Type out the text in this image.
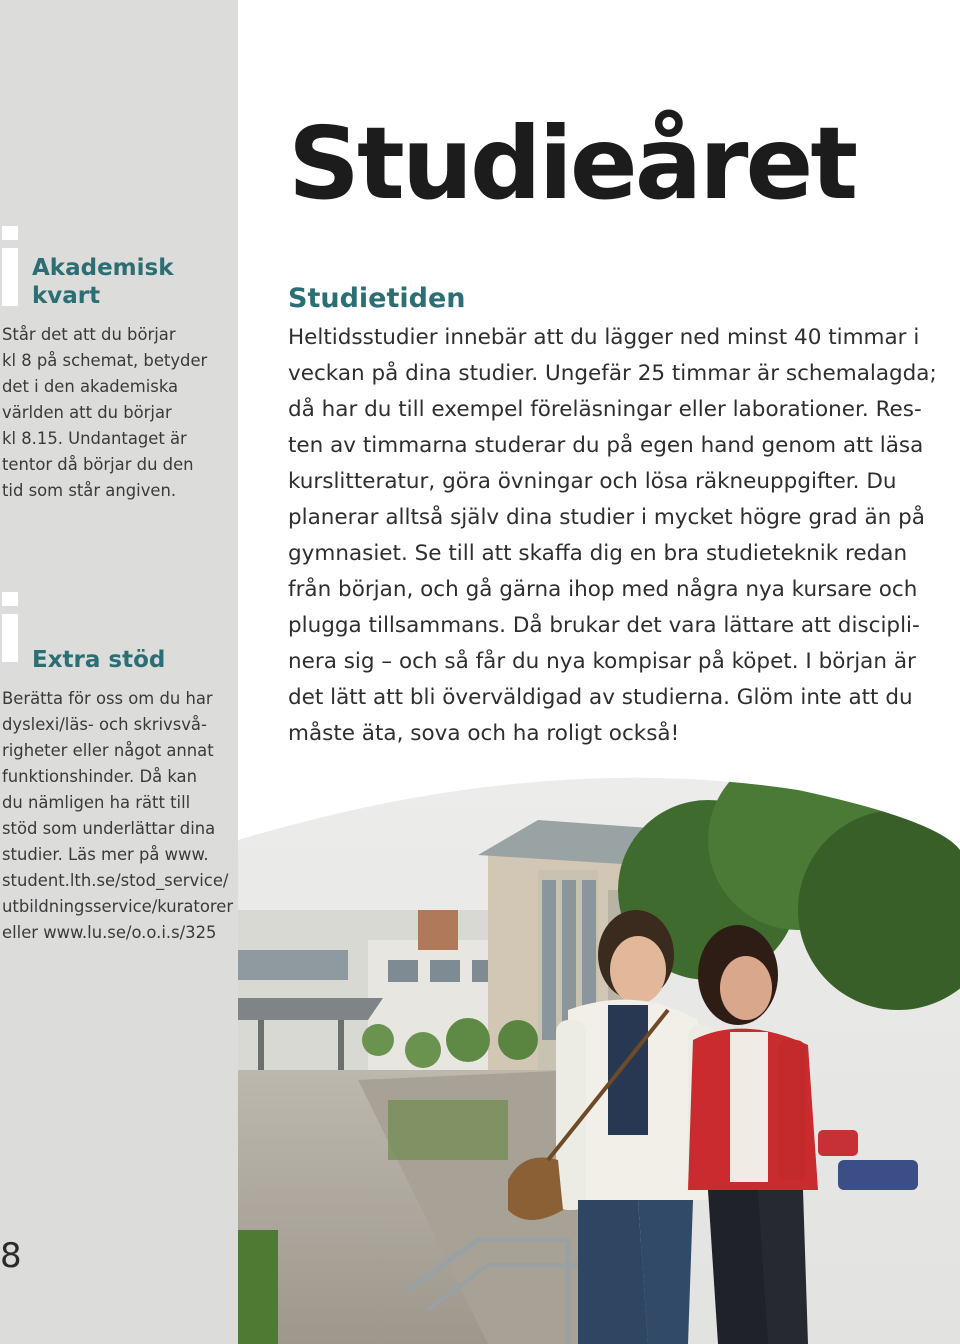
Akademisk
kvart
Står det att du börjar
kl 8 på schemat, betyder
det i den akademiska
världen att du börjar
kl 8.15. Undantaget är
tentor då börjar du den
tid som står angiven.
Extra stöd
Berätta för oss om du har
dyslexi/läs- och skrivsvå-
righeter eller något annat
funktionshinder. Då kan
du nämligen ha rätt till
stöd som underlättar dina
studier. Läs mer på www.
student.lth.se/stod_service/
utbildningsservice/kuratorer
eller www.lu.se/o.o.i.s/325
8
Studieåret
Studietiden
Heltidsstudier innebär att du lägger ned minst 40 timmar i
veckan på dina studier. Ungefär 25 timmar är schemalagda;
då har du till exempel föreläsningar eller laborationer. Res-
ten av timmarna studerar du på egen hand genom att läsa
kurslitteratur, göra övningar och lösa räkneuppgifter. Du
planerar alltså själv dina studier i mycket högre grad än på
gymnasiet. Se till att skaffa dig en bra studieteknik redan
från början, och gå gärna ihop med några nya kursare och
plugga tillsammans. Då brukar det vara lättare att discipli-
nera sig – och så får du nya kompisar på köpet. I början är
det lätt att bli överväldigad av studierna. Glöm inte att du
måste äta, sova och ha roligt också!
